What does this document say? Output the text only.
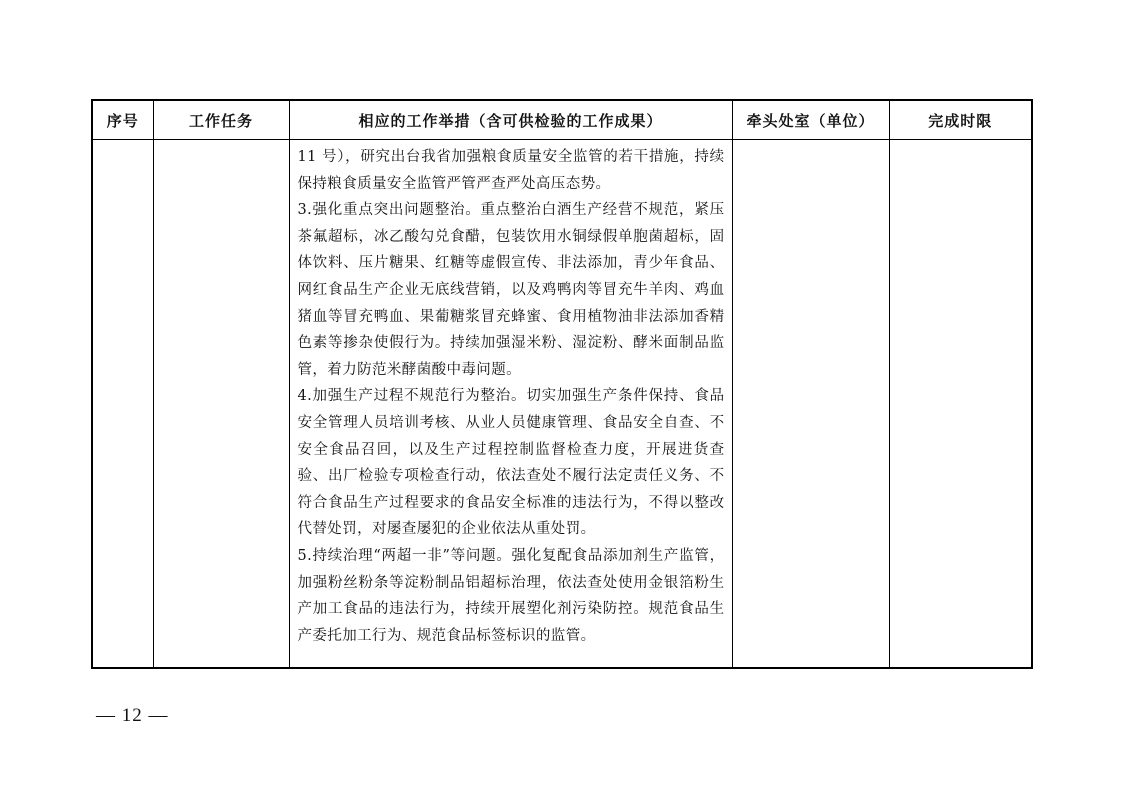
序号	工作任务	相应的工作举措（含可供检验的工作成果）	牵头处室（单位）	完成时限

		11 号），研究出台我省加强粮食质量安全监管的若干措施，持续保持粮食质量安全监管严管严查严处高压态势。

3.强化重点突出问题整治。重点整治白酒生产经营不规范，紧压茶氟超标，冰乙酸勾兑食醋，包装饮用水铜绿假单胞菌超标，固体饮料、压片糖果、红糖等虚假宣传、非法添加，青少年食品、网红食品生产企业无底线营销，以及鸡鸭肉等冒充牛羊肉、鸡血猪血等冒充鸭血、果葡糖浆冒充蜂蜜、食用植物油非法添加香精色素等掺杂使假行为。持续加强湿米粉、湿淀粉、酵米面制品监管，着力防范米酵菌酸中毒问题。

4.加强生产过程不规范行为整治。切实加强生产条件保持、食品安全管理人员培训考核、从业人员健康管理、食品安全自查、不安全食品召回，以及生产过程控制监督检查力度，开展进货查验、出厂检验专项检查行动，依法查处不履行法定责任义务、不符合食品生产过程要求的食品安全标准的违法行为，不得以整改代替处罚，对屡查屡犯的企业依法从重处罚。

5.持续治理“两超一非”等问题。强化复配食品添加剂生产监管，加强粉丝粉条等淀粉制品铝超标治理，依法查处使用金银箔粉生产加工食品的违法行为，持续开展塑化剂污染防控。规范食品生产委托加工行为、规范食品标签标识的监管。		

— 12 —
